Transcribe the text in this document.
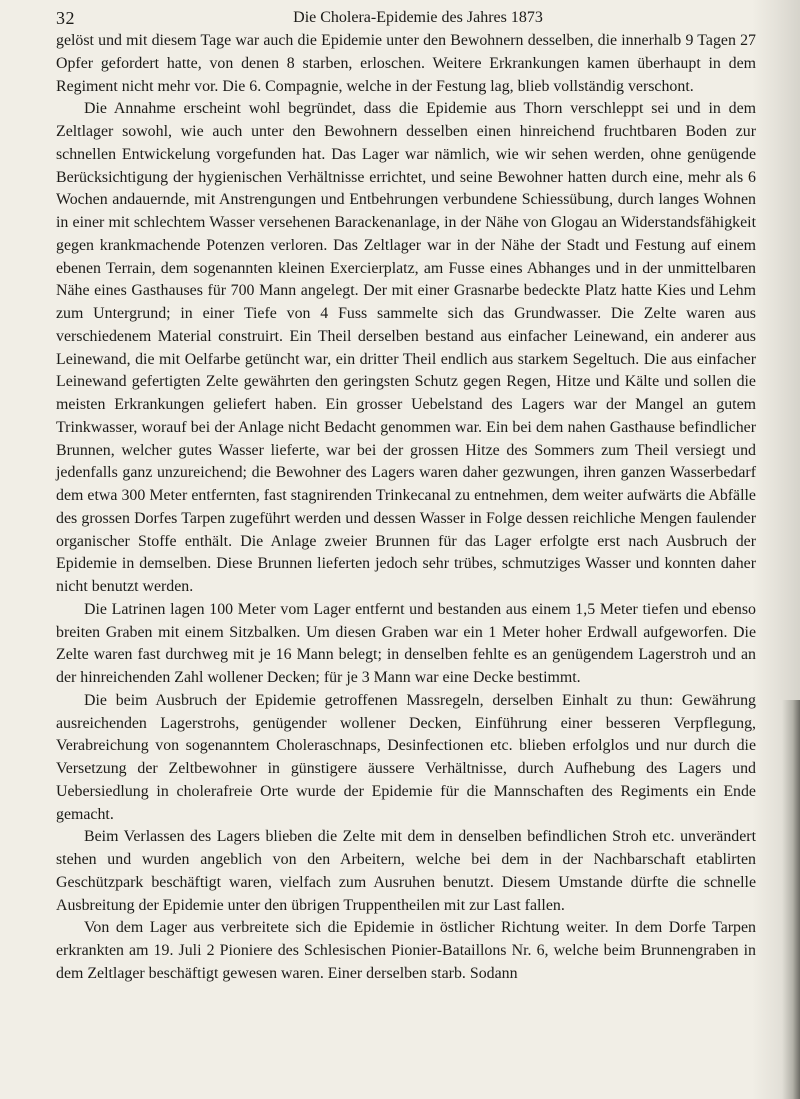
32	Die Cholera-Epidemie des Jahres 1873

gelöst und mit diesem Tage war auch die Epidemie unter den Bewohnern desselben, die innerhalb 9 Tagen 27 Opfer gefordert hatte, von denen 8 starben, erloschen. Weitere Erkrankungen kamen überhaupt in dem Regiment nicht mehr vor. Die 6. Compagnie, welche in der Festung lag, blieb vollständig verschont.

Die Annahme erscheint wohl begründet, dass die Epidemie aus Thorn verschleppt sei und in dem Zeltlager sowohl, wie auch unter den Bewohnern desselben einen hinreichend fruchtbaren Boden zur schnellen Entwickelung vorgefunden hat. Das Lager war nämlich, wie wir sehen werden, ohne genügende Berücksichtigung der hygienischen Verhältnisse errichtet, und seine Bewohner hatten durch eine, mehr als 6 Wochen andauernde, mit Anstrengungen und Entbehrungen verbundene Schiessübung, durch langes Wohnen in einer mit schlechtem Wasser versehenen Barackenanlage, in der Nähe von Glogau an Widerstandsfähigkeit gegen krankmachende Potenzen verloren. Das Zeltlager war in der Nähe der Stadt und Festung auf einem ebenen Terrain, dem sogenannten kleinen Exercierplatz, am Fusse eines Abhanges und in der unmittelbaren Nähe eines Gasthauses für 700 Mann angelegt. Der mit einer Grasnarbe bedeckte Platz hatte Kies und Lehm zum Untergrund; in einer Tiefe von 4 Fuss sammelte sich das Grundwasser. Die Zelte waren aus verschiedenem Material construirt. Ein Theil derselben bestand aus einfacher Leinewand, ein anderer aus Leinewand, die mit Oelfarbe getüncht war, ein dritter Theil endlich aus starkem Segeltuch. Die aus einfacher Leinewand gefertigten Zelte gewährten den geringsten Schutz gegen Regen, Hitze und Kälte und sollen die meisten Erkrankungen geliefert haben. Ein grosser Uebelstand des Lagers war der Mangel an gutem Trinkwasser, worauf bei der Anlage nicht Bedacht genommen war. Ein bei dem nahen Gasthause befindlicher Brunnen, welcher gutes Wasser lieferte, war bei der grossen Hitze des Sommers zum Theil versiegt und jedenfalls ganz unzureichend; die Bewohner des Lagers waren daher gezwungen, ihren ganzen Wasserbedarf dem etwa 300 Meter entfernten, fast stagnirenden Trinkecanal zu entnehmen, dem weiter aufwärts die Abfälle des grossen Dorfes Tarpen zugeführt werden und dessen Wasser in Folge dessen reichliche Mengen faulender organischer Stoffe enthält. Die Anlage zweier Brunnen für das Lager erfolgte erst nach Ausbruch der Epidemie in demselben. Diese Brunnen lieferten jedoch sehr trübes, schmutziges Wasser und konnten daher nicht benutzt werden.

Die Latrinen lagen 100 Meter vom Lager entfernt und bestanden aus einem 1,5 Meter tiefen und ebenso breiten Graben mit einem Sitzbalken. Um diesen Graben war ein 1 Meter hoher Erdwall aufgeworfen. Die Zelte waren fast durchweg mit je 16 Mann belegt; in denselben fehlte es an genügendem Lagerstroh und an der hinreichenden Zahl wollener Decken; für je 3 Mann war eine Decke bestimmt.

Die beim Ausbruch der Epidemie getroffenen Massregeln, derselben Einhalt zu thun: Gewährung ausreichenden Lagerstrohs, genügender wollener Decken, Einführung einer besseren Verpflegung, Verabreichung von sogenanntem Choleraschnaps, Desinfectionen etc. blieben erfolglos und nur durch die Versetzung der Zeltbewohner in günstigere äussere Verhältnisse, durch Aufhebung des Lagers und Uebersiedlung in cholerafreie Orte wurde der Epidemie für die Mannschaften des Regiments ein Ende gemacht.

Beim Verlassen des Lagers blieben die Zelte mit dem in denselben befindlichen Stroh etc. unverändert stehen und wurden angeblich von den Arbeitern, welche bei dem in der Nachbarschaft etablirten Geschützpark beschäftigt waren, vielfach zum Ausruhen benutzt. Diesem Umstande dürfte die schnelle Ausbreitung der Epidemie unter den übrigen Truppentheilen mit zur Last fallen.

Von dem Lager aus verbreitete sich die Epidemie in östlicher Richtung weiter. In dem Dorfe Tarpen erkrankten am 19. Juli 2 Pioniere des Schlesischen Pionier-Bataillons Nr. 6, welche beim Brunnengraben in dem Zeltlager beschäftigt gewesen waren. Einer derselben starb. Sodann
